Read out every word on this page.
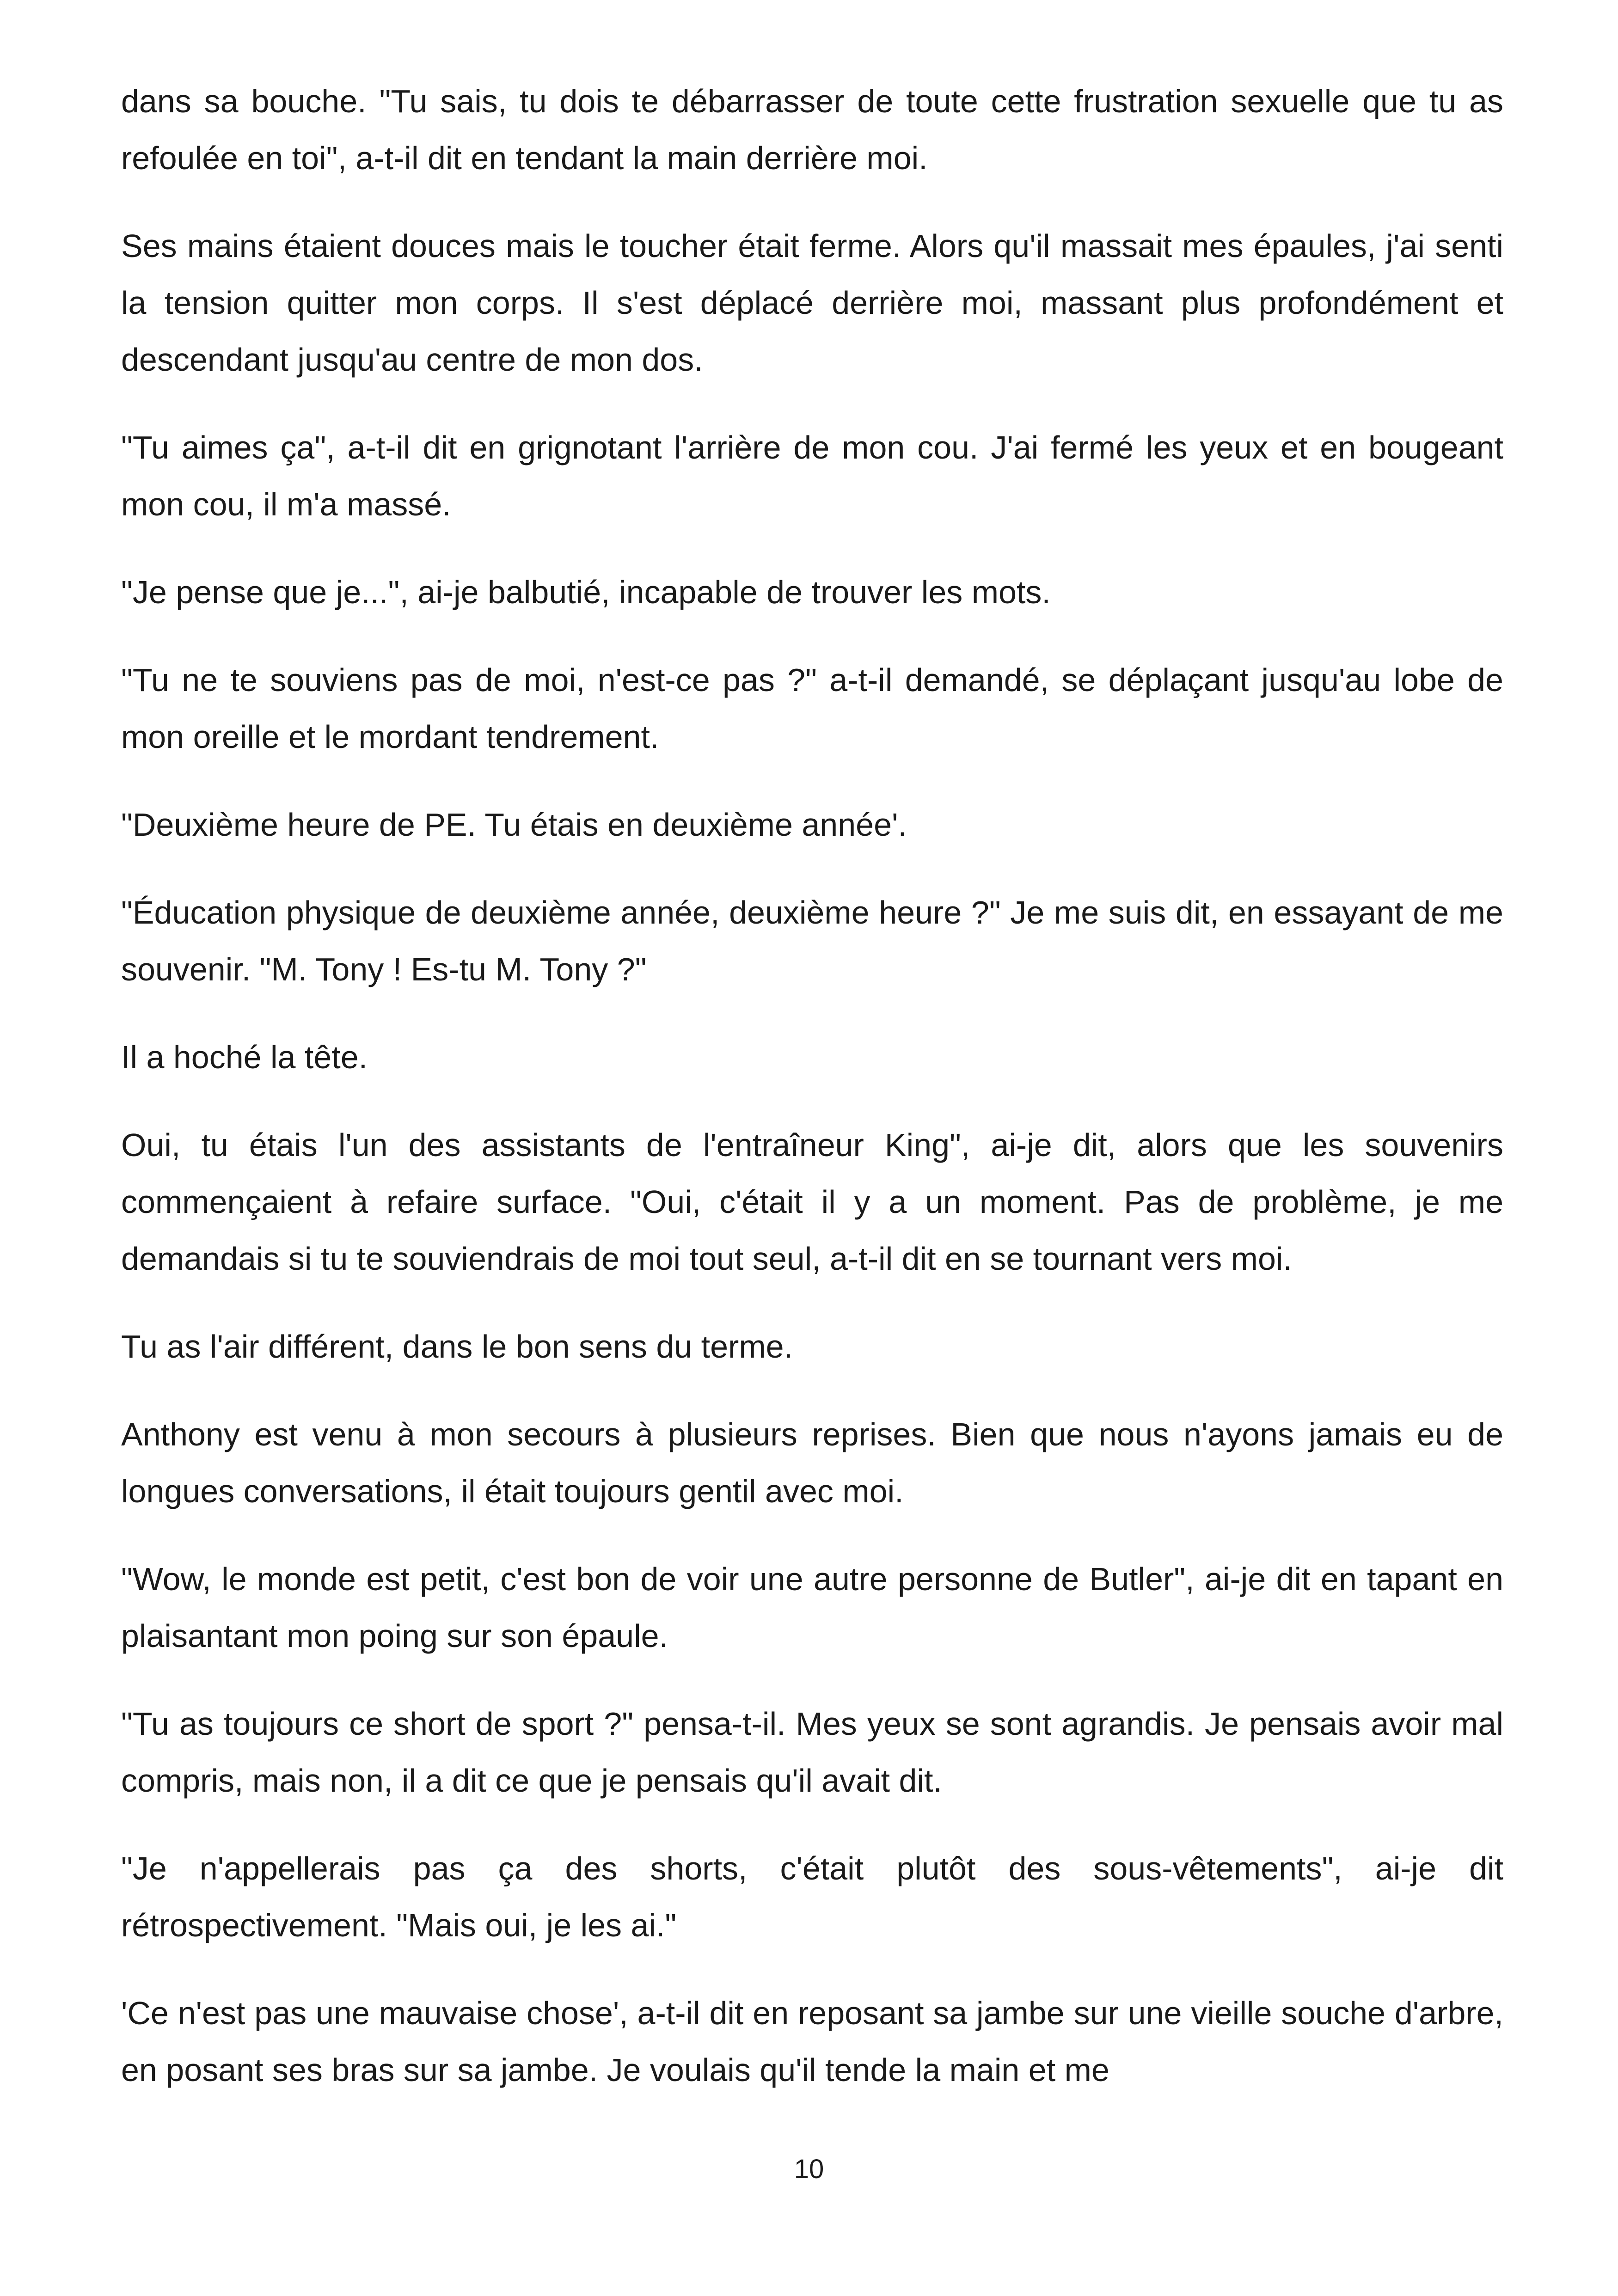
dans sa bouche. "Tu sais, tu dois te débarrasser de toute cette frustration sexuelle que tu as refoulée en toi", a-t-il dit en tendant la main derrière moi.

Ses mains étaient douces mais le toucher était ferme. Alors qu'il massait mes épaules, j'ai senti la tension quitter mon corps. Il s'est déplacé derrière moi, massant plus profondément et descendant jusqu'au centre de mon dos.

"Tu aimes ça", a-t-il dit en grignotant l'arrière de mon cou. J'ai fermé les yeux et en bougeant mon cou, il m'a massé.

"Je pense que je...", ai-je balbutié, incapable de trouver les mots.

"Tu ne te souviens pas de moi, n'est-ce pas ?" a-t-il demandé, se déplaçant jusqu'au lobe de mon oreille et le mordant tendrement.

"Deuxième heure de PE. Tu étais en deuxième année'.

"Éducation physique de deuxième année, deuxième heure ?" Je me suis dit, en essayant de me souvenir. "M. Tony ! Es-tu M. Tony ?"

Il a hoché la tête.

Oui, tu étais l'un des assistants de l'entraîneur King", ai-je dit, alors que les souvenirs commençaient à refaire surface. "Oui, c'était il y a un moment. Pas de problème, je me demandais si tu te souviendrais de moi tout seul, a-t-il dit en se tournant vers moi.

Tu as l'air différent, dans le bon sens du terme.

Anthony est venu à mon secours à plusieurs reprises. Bien que nous n'ayons jamais eu de longues conversations, il était toujours gentil avec moi.

"Wow, le monde est petit, c'est bon de voir une autre personne de Butler", ai-je dit en tapant en plaisantant mon poing sur son épaule.

"Tu as toujours ce short de sport ?" pensa-t-il. Mes yeux se sont agrandis. Je pensais avoir mal compris, mais non, il a dit ce que je pensais qu'il avait dit.

"Je n'appellerais pas ça des shorts, c'était plutôt des sous-vêtements", ai-je dit rétrospectivement. "Mais oui, je les ai."

'Ce n'est pas une mauvaise chose', a-t-il dit en reposant sa jambe sur une vieille souche d'arbre, en posant ses bras sur sa jambe. Je voulais qu'il tende la main et me

10
